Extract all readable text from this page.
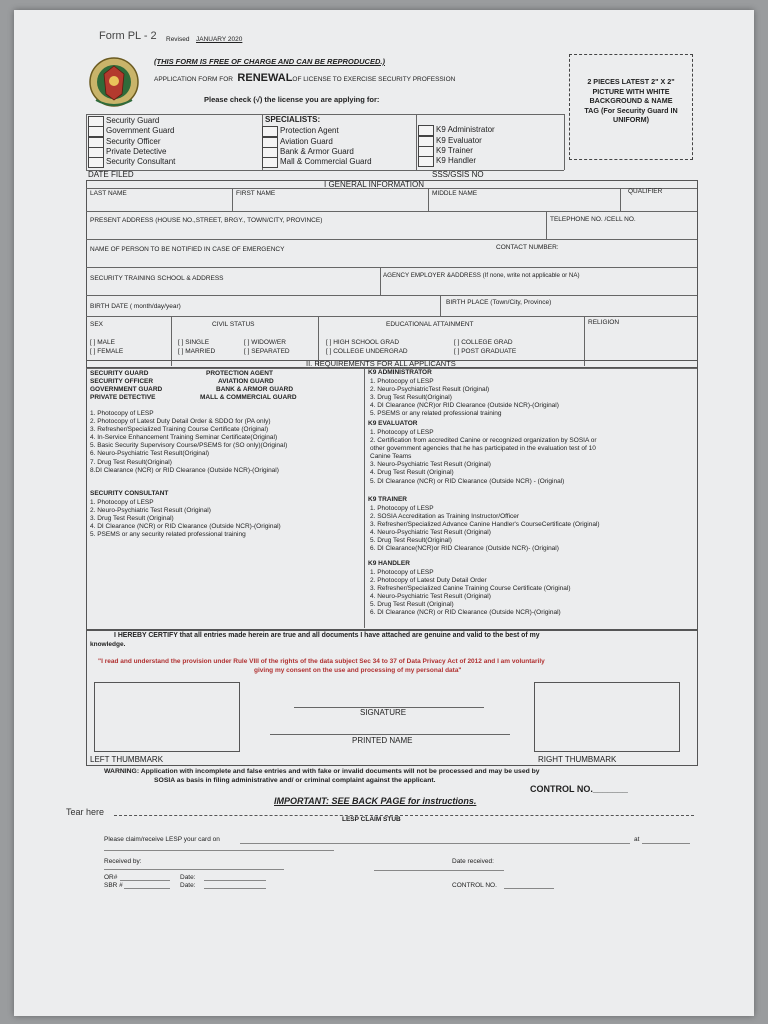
Form PL - 2 Revised JANUARY 2020
(THIS FORM IS FREE OF CHARGE AND CAN BE REPRODUCED.)
APPLICATION FORM FOR RENEWALOF LICENSE TO EXERCISE SECURITY PROFESSION
Please check (√) the license you are applying for:
2 PIECES LATEST 2" X 2" PICTURE WITH WHITE BACKGROUND & NAME TAG (For Security Guard IN UNIFORM)
Security Guard
Government Guard
Security Officer
Private Detective
Security Consultant
SPECIALISTS:
Protection Agent
Aviation Guard
Bank & Armor Guard
Mall & Commercial Guard
K9 Administrator
K9 Evaluator
K9 Trainer
K9 Handler
DATE FILED	SSS/GSIS NO
I GENERAL INFORMATION
LAST NAME	FIRST NAME	MIDDLE NAME	QUALIFIER
PRESENT ADDRESS (HOUSE NO.,STREET, BRGY., TOWN/CITY, PROVINCE)	TELEPHONE NO. /CELL NO.
NAME OF PERSON TO BE NOTIFIED IN CASE OF EMERGENCY	CONTACT NUMBER:
SECURITY TRAINING SCHOOL & ADDRESS	AGENCY EMPLOYER &ADDRESS (If none, write not applicable or NA)
BIRTH DATE ( month/day/year)
BIRTH PLACE (Town/City, Province)
SEX	CIVIL STATUS	EDUCATIONAL ATTAINMENT	RELIGION
[ ] MALE
[ ] FEMALE
[ ] SINGLE
[ ] MARRIED
[ ] WIDOW/ER
[ ] SEPARATED
[ ] HIGH SCHOOL GRAD
[ ] COLLEGE UNDERGRAD
[ ] COLLEGE GRAD
[ ] POST GRADUATE
II. REQUIREMENTS FOR ALL APPLICANTS
SECURITY GUARD
SECURITY OFFICER
GOVERNMENT GUARD
PRIVATE DETECTIVE
PROTECTION AGENT
AVIATION GUARD
BANK & ARMOR GUARD
MALL & COMMERCIAL GUARD
1. Photocopy of LESP
2. Photocopy of Latest Duty Detail Order & SDDO for (PA only)
3. Refresher/Specialized Training Course Certificate (Original)
4. In-Service Enhancement Training Seminar Certificate(Original)
5. Basic Security Supervisory Course/PSEMS for (SO only)(Original)
6. Neuro-Psychiatric Test Result(Original)
7. Drug Test Result(Original)
8.DI Clearance (NCR) or RID Clearance (Outside NCR)-(Original)
SECURITY CONSULTANT
1. Photocopy of LESP
2. Neuro-Psychiatric Test Result (Original)
3. Drug Test Result (Original)
4. DI Clearance (NCR) or RID Clearance (Outside NCR)-(Original)
5. PSEMS or any security related professional training
K9 ADMINISTRATOR
1. Photocopy of LESP
2. Neuro-PsychiatricTest Result (Original)
3. Drug Test Result(Original)
4. DI Clearance (NCR)or RID Clearance (Outside NCR)-(Original)
5. PSEMS or any related professional training
K9 EVALUATOR
1. Photocopy of LESP
2. Certification from accredited Canine or recognized organization by SOSIA or
other government agencies that he has participated in the evaluation test of 10
Canine Teams
3. Neuro-Psychiatric Test Result (Original)
4. Drug Test Result (Original)
5. DI Clearance (NCR) or RID Clearance (Outside NCR) - (Original)
K9 TRAINER
1. Photocopy of LESP
2. SOSIA Accreditation as Training Instructor/Officer
3. Refresher/Specialized Advance Canine Handler's CourseCertificate (Original)
4. Neuro-Psychiatric Test Result (Original)
5. Drug Test Result(Original)
6. DI Clearance(NCR)or RID Clearance (Outside NCR)- (Original)
K9 HANDLER
1. Photocopy of LESP
2. Photocopy of Latest Duty Detail Order
3. Refresher/Specialized Canine Training Course Certificate (Original)
4. Neuro-Psychiatric Test Result (Original)
5. Drug Test Result (Original)
6. DI Clearance (NCR) or RID Clearance (Outside NCR)-(Original)
I HEREBY CERTIFY that all entries made herein are true and all documents I have attached are genuine and valid to the best of my
knowledge.
"I read and understand the provision under Rule VIII of the rights of the data subject Sec 34 to 37 of Data Privacy Act of 2012 and I am voluntarily
giving my consent on the use and processing of my personal data"
SIGNATURE
PRINTED NAME
LEFT THUMBMARK	RIGHT THUMBMARK
WARNING: Application with incomplete and false entries and with fake or invalid documents will not be processed and may be used by
SOSIA as basis in filing administrative and/ or criminal complaint against the applicant.
CONTROL NO._______
IMPORTANT: SEE BACK PAGE for instructions.
Tear here
LESP CLAIM STUB
Please claim/receive LESP your card on	at
Received by:	Date received:
OR#	Date:
SBR #	Date:	CONTROL NO.
